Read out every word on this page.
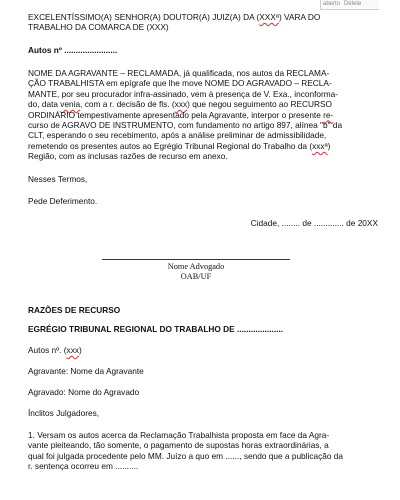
aberto Delete
EXCELENTÍSSIMO(A) SENHOR(A) DOUTOR(A) JUIZ(A) DA (XXXª) VARA DO
TRABALHO DA COMARCA DE (XXX)
Autos nº .......................
NOME DA AGRAVANTE – RECLAMADA, já qualificada, nos autos da RECLAMA-
ÇÃO TRABALHISTA em epígrafe que lhe move NOME DO AGRAVADO – RECLA-
MANTE, por seu procurador infra-assinado, vem à presença de V. Exa., inconforma-
do, data venia, com a r. decisão de fls. (xxx) que negou seguimento ao RECURSO
ORDINÁRIO tempestivamente apresentado pela Agravante, interpor o presente re-
curso de AGRAVO DE INSTRUMENTO, com fundamento no artigo 897, alínea "b" da
CLT, esperando o seu recebimento, após a análise preliminar de admissibilidade,
remetendo os presentes autos ao Egrégio Tribunal Regional do Trabalho da (xxxª)
Região, com as inclusas razões de recurso em anexo.
Nesses Termos,
Pede Deferimento.
Cidade, ........ de ............. de 20XX
Nome Advogado
OAB/UF
RAZÕES DE RECURSO
EGRÉGIO TRIBUNAL REGIONAL DO TRABALHO DE ....................
Autos nº. (xxx)
Agravante: Nome da Agravante
Agravado: Nome do Agravado
Ínclitos Julgadores,
1. Versam os autos acerca da Reclamação Trabalhista proposta em face da Agra-
vante pleiteando, tão somente, o pagamento de supostas horas extraordinárias, a
qual foi julgada procedente pelo MM. Juízo a quo em ......, sendo que a publicação da
r. sentença ocorreu em ..........
